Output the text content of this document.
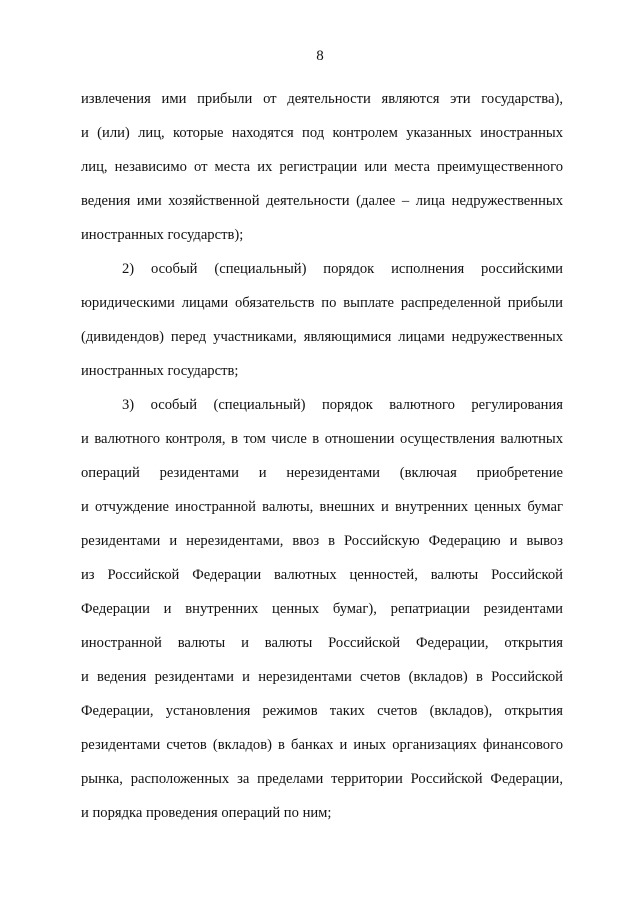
8
извлечения ими прибыли от деятельности являются эти государства),
и (или) лиц, которые находятся под контролем указанных иностранных
лиц, независимо от места их регистрации или места преимущественного
ведения ими хозяйственной деятельности (далее – лица недружественных
иностранных государств);
2) особый (специальный) порядок исполнения российскими
юридическими лицами обязательств по выплате распределенной прибыли
(дивидендов) перед участниками, являющимися лицами недружественных
иностранных государств;
3) особый (специальный) порядок валютного регулирования
и валютного контроля, в том числе в отношении осуществления валютных
операций резидентами и нерезидентами (включая приобретение
и отчуждение иностранной валюты, внешних и внутренних ценных бумаг
резидентами и нерезидентами, ввоз в Российскую Федерацию и вывоз
из Российской Федерации валютных ценностей, валюты Российской
Федерации и внутренних ценных бумаг), репатриации резидентами
иностранной валюты и валюты Российской Федерации, открытия
и ведения резидентами и нерезидентами счетов (вкладов) в Российской
Федерации, установления режимов таких счетов (вкладов), открытия
резидентами счетов (вкладов) в банках и иных организациях финансового
рынка, расположенных за пределами территории Российской Федерации,
и порядка проведения операций по ним;
